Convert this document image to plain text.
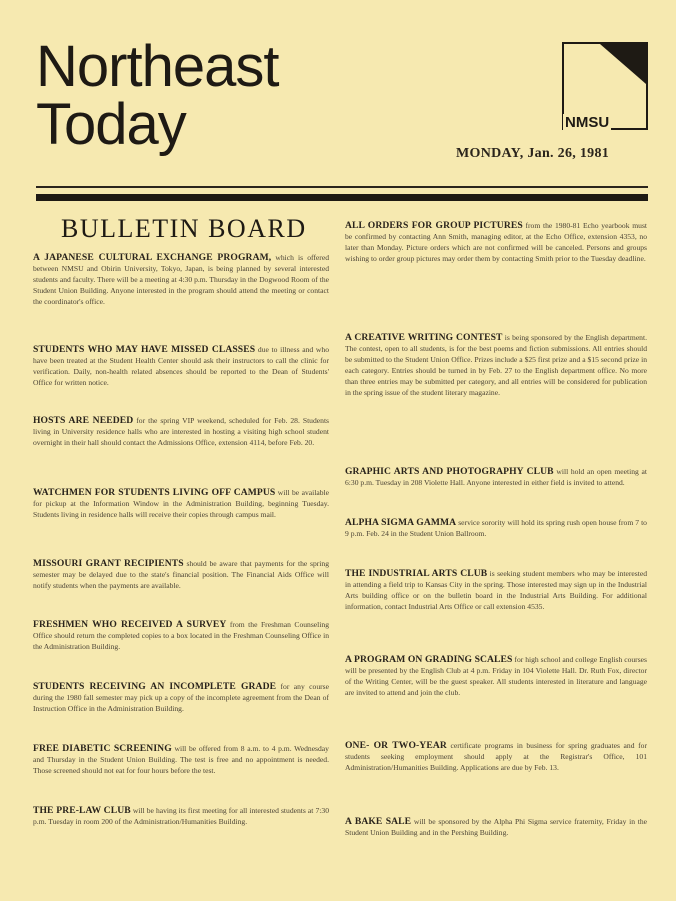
Northeast
Today	NMSU
MONDAY, Jan. 26, 1981
BULLETIN BOARD

A JAPANESE CULTURAL EXCHANGE PROGRAM, which is offered between NMSU and Obirin University, Tokyo, Japan, is being planned by several interested students and faculty. There will be a meeting at 4:30 p.m. Thursday in the Dogwood Room of the Student Union Building. Anyone interested in the program should attend the meeting or contact the coordinator's office.

STUDENTS WHO MAY HAVE MISSED CLASSES due to illness and who have been treated at the Student Health Center should ask their instructors to call the clinic for verification. Daily, non-health related absences should be reported to the Dean of Students' Office for written notice.

HOSTS ARE NEEDED for the spring VIP weekend, scheduled for Feb. 28. Students living in University residence halls who are interested in hosting a visiting high school student overnight in their hall should contact the Admissions Office, extension 4114, before Feb. 20.

WATCHMEN FOR STUDENTS LIVING OFF CAMPUS will be available for pickup at the Information Window in the Administration Building, beginning Tuesday. Students living in residence halls will receive their copies through campus mail.

MISSOURI GRANT RECIPIENTS should be aware that payments for the spring semester may be delayed due to the state's financial position. The Financial Aids Office will notify students when the payments are available.

FRESHMEN WHO RECEIVED A SURVEY from the Freshman Counseling Office should return the completed copies to a box located in the Freshman Counseling Office in the Administration Building.

STUDENTS RECEIVING AN INCOMPLETE GRADE for any course during the 1980 fall semester may pick up a copy of the incomplete agreement from the Dean of Instruction Office in the Administration Building.

FREE DIABETIC SCREENING will be offered from 8 a.m. to 4 p.m. Wednesday and Thursday in the Student Union Building. The test is free and no appointment is needed. Those screened should not eat for four hours before the test.

THE PRE-LAW CLUB will be having its first meeting for all interested students at 7:30 p.m. Tuesday in room 200 of the Administration/Humanities Building.

ALL ORDERS FOR GROUP PICTURES from the 1980-81 Echo yearbook must be confirmed by contacting Ann Smith, managing editor, at the Echo Office, extension 4353, no later than Monday. Picture orders which are not confirmed will be canceled. Persons and groups wishing to order group pictures may order them by contacting Smith prior to the Tuesday deadline.

A CREATIVE WRITING CONTEST is being sponsored by the English department. The contest, open to all students, is for the best poems and fiction submissions. All entries should be submitted to the Student Union Office. Prizes include a $25 first prize and a $15 second prize in each category. Entries should be turned in by Feb. 27 to the English department office. No more than three entries may be submitted per category, and all entries will be considered for publication in the spring issue of the student literary magazine.

GRAPHIC ARTS AND PHOTOGRAPHY CLUB will hold an open meeting at 6:30 p.m. Tuesday in 208 Violette Hall. Anyone interested in either field is invited to attend.

ALPHA SIGMA GAMMA service sorority will hold its spring rush open house from 7 to 9 p.m. Feb. 24 in the Student Union Ballroom.

THE INDUSTRIAL ARTS CLUB is seeking student members who may be interested in attending a field trip to Kansas City in the spring. Those interested may sign up in the Industrial Arts building office or on the bulletin board in the Industrial Arts Building. For additional information, contact Industrial Arts Office or call extension 4535.

A PROGRAM ON GRADING SCALES for high school and college English courses will be presented by the English Club at 4 p.m. Friday in 104 Violette Hall. Dr. Ruth Fox, director of the Writing Center, will be the guest speaker. All students interested in literature and language are invited to attend and join the club.

ONE- OR TWO-YEAR certificate programs in business for spring graduates and for students seeking employment should apply at the Registrar's Office, 101 Administration/Humanities Building. Applications are due by Feb. 13.

A BAKE SALE will be sponsored by the Alpha Phi Sigma service fraternity, Friday in the Student Union Building and in the Pershing Building.
